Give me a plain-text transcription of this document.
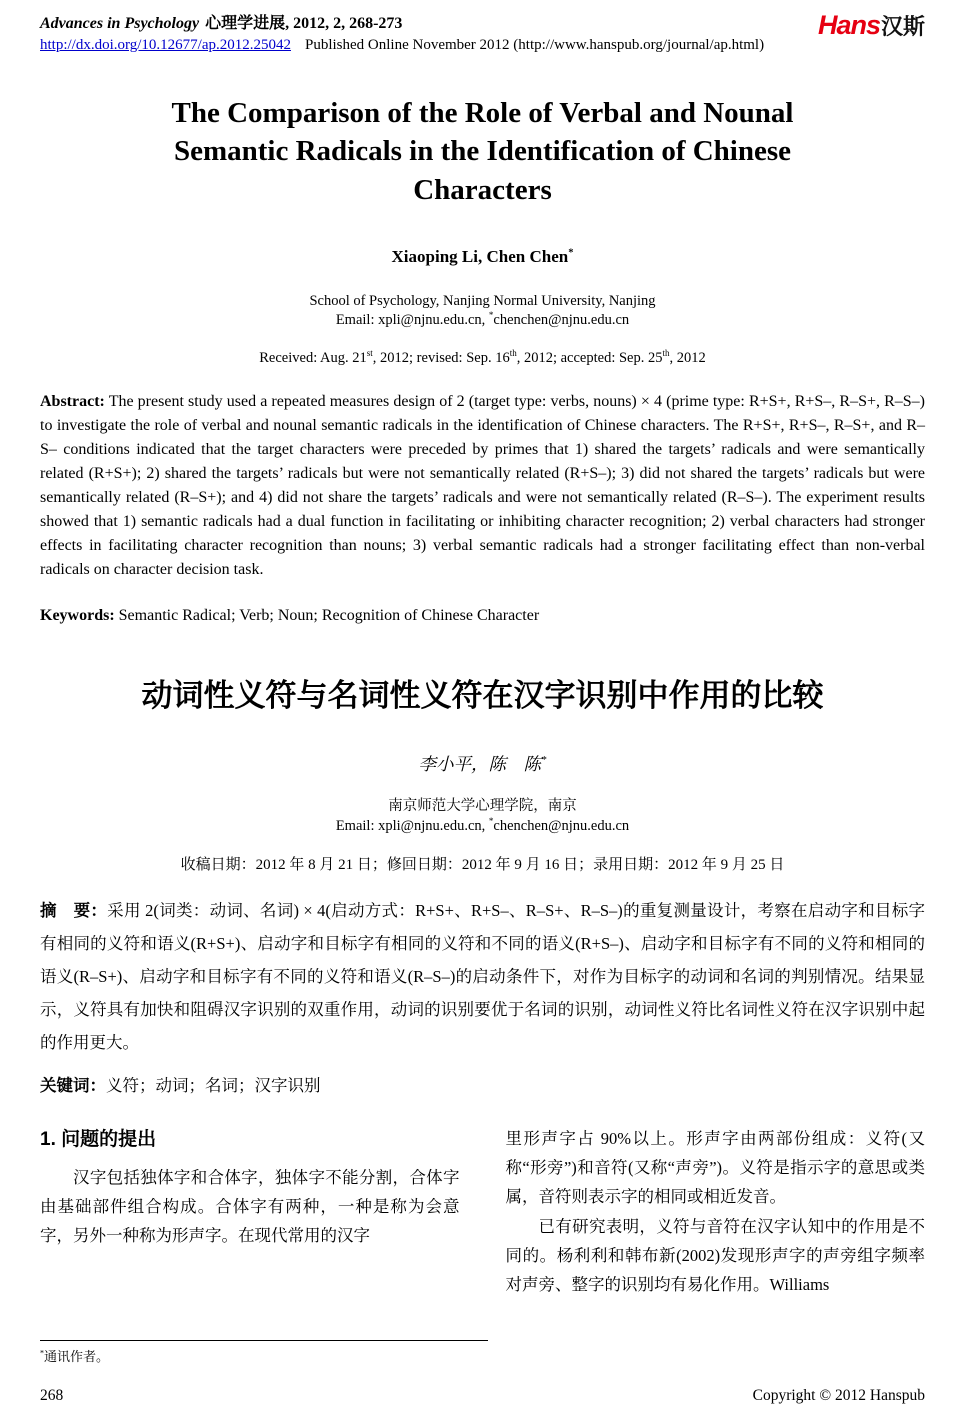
Advances in Psychology 心理学进展, 2012, 2, 268-273
http://dx.doi.org/10.12677/ap.2012.25042 Published Online November 2012 (http://www.hanspub.org/journal/ap.html)
Hans汉斯
The Comparison of the Role of Verbal and Nounal
Semantic Radicals in the Identification of Chinese
Characters
Xiaoping Li, Chen Chen*
School of Psychology, Nanjing Normal University, Nanjing
Email: xpli@njnu.edu.cn, *chenchen@njnu.edu.cn
Received: Aug. 21st, 2012; revised: Sep. 16th, 2012; accepted: Sep. 25th, 2012

Abstract: The present study used a repeated measures design of 2 (target type: verbs, nouns) × 4 (prime type: R+S+, R+S–, R–S+, R–S–) to investigate the role of verbal and nounal semantic radicals in the identification of Chinese characters. The R+S+, R+S–, R–S+, and R–S– conditions indicated that the target characters were preceded by primes that 1) shared the targets’ radicals and were semantically related (R+S+); 2) shared the targets’ radicals but were not semantically related (R+S–); 3) did not shared the targets’ radicals but were semantically related (R–S+); and 4) did not share the targets’ radicals and were not semantically related (R–S–). The experiment results showed that 1) semantic radicals had a dual function in facilitating or inhibiting character recognition; 2) verbal characters had stronger effects in facilitating character recognition than nouns; 3) verbal semantic radicals had a stronger facilitating effect than non-verbal radicals on character decision task.

Keywords: Semantic Radical; Verb; Noun; Recognition of Chinese Character

动词性义符与名词性义符在汉字识别中作用的比较
李小平，陈　陈*
南京师范大学心理学院，南京
Email: xpli@njnu.edu.cn, *chenchen@njnu.edu.cn
收稿日期：2012 年 8 月 21 日；修回日期：2012 年 9 月 16 日；录用日期：2012 年 9 月 25 日

摘　要：采用 2(词类：动词、名词) × 4(启动方式：R+S+、R+S–、R–S+、R–S–)的重复测量设计，考察在启动字和目标字有相同的义符和语义(R+S+)、启动字和目标字有相同的义符和不同的语义(R+S–)、启动字和目标字有不同的义符和相同的语义(R–S+)、启动字和目标字有不同的义符和语义(R–S–)的启动条件下，对作为目标字的动词和名词的判别情况。结果显示，义符具有加快和阻碍汉字识别的双重作用，动词的识别要优于名词的识别，动词性义符比名词性义符在汉字识别中起的作用更大。

关键词：义符；动词；名词；汉字识别

1. 问题的提出

汉字包括独体字和合体字，独体字不能分割，合体字由基础部件组合构成。合体字有两种，一种是称为会意字，另外一种称为形声字。在现代常用的汉字

里形声字占 90%以上。形声字由两部份组成：义符(又称“形旁”)和音符(又称“声旁”)。义符是指示字的意思或类属，音符则表示字的相同或相近发音。

已有研究表明，义符与音符在汉字认知中的作用是不同的。杨利利和韩布新(2002)发现形声字的声旁组字频率对声旁、整字的识别均有易化作用。Williams

*通讯作者。
268	Copyright © 2012 Hanspub
